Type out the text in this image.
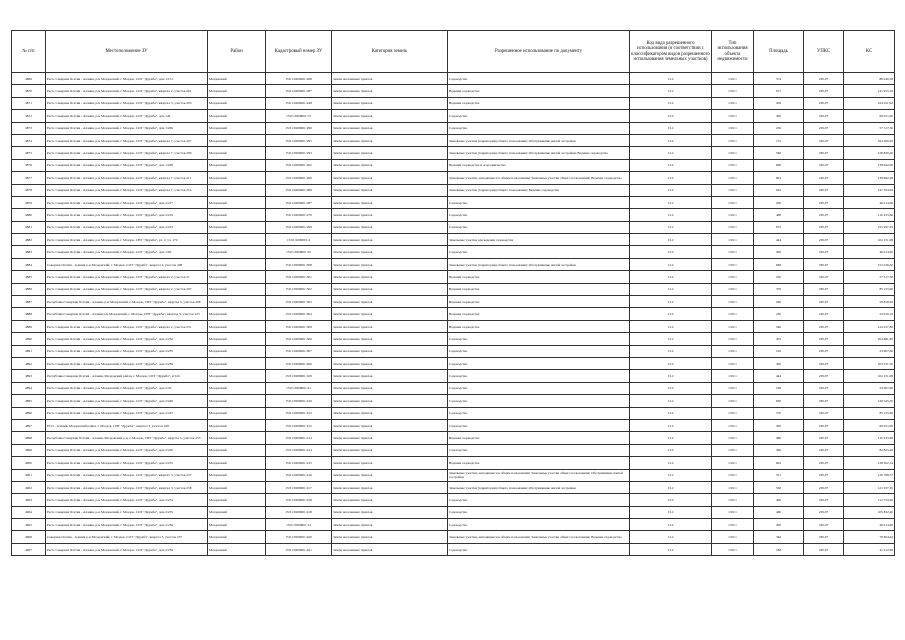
№ п/п	Местоположение ЗУ	Район	Кадастровый номер ЗУ	Категория земель	Разрешенное использование по документу	Код вида разрешенного использования (в соответствии с классификатором видов разрешенного использования земельных участков)	Тип использования объекта недвижимости	Площадь	УПКС	КС
4869	Респ. Северная Осетия - Алания, р-н Моздокский, г. Моздок, СОТ "Дружба", дом 1/151	Моздокский	15:01:0209001:266	Земли населенных пунктов	Садоводство	13.2	13:0:1	374	230,07	86 046,18
4870	Респ. Северная Осетия - Алания, р-н Моздокский, г. Моздок, СОТ "Дружба", квартал 2, участок 261	Моздокский	15:01:0209001:287	Земли населенных пунктов	Ведение садоводства	13.2	13:0:1	617	230,07	141 953,19
4871	Респ. Северная Осетия - Алания, р-н Моздокский, г. Моздок, СОТ "Дружба", квартал 5, участок 205	Моздокский	15:01:0209001:248	Земли населенных пунктов	Ведение садоводства	13.2	13:0:1	456	230,07	104 911,92
4872	Респ. Северная Осетия - Алания, р-н Моздокский, г. Моздок, СОТ "Дружба", дом 142	Моздокский	15:01:0209001:73	Земли населенных пунктов	Садоводство	13.2	13:0:1	300	230,07	69 021,00
4873	Респ. Северная Осетия - Алания, р-н Моздокский, г. Моздок, СОТ "Дружба", дом 1/206	Моздокский	15:01:0209001:296	Земли населенных пунктов	Садоводство	13.2	13:0:1	250	230,07	57 517,50
4874	Респ. Северная Осетия - Алания, р-н Моздокский, г. Моздок, СОТ "Дружба", квартал 7, участок 207	Моздокский	15:01:0209001:295	Земли населенных пунктов	Земельные участки (территории) общего пользования; Обслуживание жилой застройки	13.2	13:0:1	715	230,07	164 500,05
4875	Респ. Северная Осетия - Алания, р-н Моздокский, г. Моздок, СОТ "Дружба", квартал 7, участок 209	Моздокский	15:01:0209001:293	Земли населенных пунктов	Земельные участки (территории) общего пользования; Обслуживание жилой застройки; Ведение садоводства	13.2	13:0:1	560	230,07	128 839,20
4876	Респ. Северная Осетия - Алания, р-н Моздокский, г. Моздок, СОТ "Дружба", дом 1/209	Моздокский	15:01:0209001:292	Земли населенных пунктов	Ведение садоводства и огородничества	13.2	13:0:1	600	230,07	138 042,00
4877	Респ. Северная Осетия - Алания, р-н Моздокский, г. Моздок, СОТ "Дружба", квартал 7, участок 211	Моздокский	15:01:0209001:290	Земли населенных пунктов	Земельные участки, находящиеся в общем пользовании; Земельные участки общего пользования; Ведение садоводства	13.2	13:0:1	604	230,07	138 962,28
4878	Респ. Северная Осетия - Алания, р-н Моздокский, г. Моздок, СОТ "Дружба", квартал 7, участок 214	Моздокский	15:01:0209001:289	Земли населенных пунктов	Земельные участки (территории) общего пользования; Ведение садоводства	13.2	13:0:1	642	230,07	147 704,94
4879	Респ. Северная Осетия - Алания, р-н Моздокский, г. Моздок, СОТ "Дружба", дом 2/217	Моздокский	15:01:0209001:287	Земли населенных пунктов	Садоводство	13.2	13:0:1	200	230,07	46 014,00
4880	Респ. Северная Осетия - Алания, р-н Моздокский, г. Моздок, СОТ "Дружба", дом 2/219	Моздокский	15:01:0209001:270	Земли населенных пунктов	Садоводство	13.2	13:0:1	480	230,07	110 433,60
4881	Респ. Северная Осетия - Алания, р-н Моздокский, г. Моздок, СОТ "Дружба", дом 2/223	Моздокский	15:01:0209001:299	Земли населенных пунктов	Садоводство	13.2	13:0:1	675	230,07	155 297,25
4882	Респ. Северная Осетия - Алания, р-н Моздокский, г. Моздок, СНТ "Дружба", ул. 2, уч. 174	Моздокский	15:01:0209001:4	Земли населенных пунктов	Земельные участки для ведения садоводства	13.2	13:0:1	444	230,07	102 151,08
4883	Респ. Северная Осетия - Алания, р-н Моздокский, г. Моздок, СОТ "Дружба", дом 1/65	Моздокский	15:01:0209001:25	Земли населенных пунктов	Садоводство	13.2	13:0:1	200	230,07	46 014,00
4884	Северная Осетия - Алания р-н Моздокский, г. Моздок, СОТ "Дружба", квартал 2, участок 208	Моздокский	15:01:0209001:308	Земли населенных пунктов	Земельные участки (территории) общего пользования; Обслуживание жилой застройки	13.2	13:0:1	666	230,07	153 226,62
4885	Респ. Северная Осетия - Алания, р-н Моздокский, г. Моздок, СОТ "Дружба", квартал 2, участок 21	Моздокский	15:01:0209001:301	Земли населенных пунктов	Ведение садоводства	13.2	13:0:1	250	230,07	57 517,50
4886	Респ. Северная Осетия - Алания, р-н Моздокский, г. Моздок, СОТ "Дружба", квартал 2, участок 207	Моздокский	15:01:0209001:302	Земли населенных пунктов	Ведение садоводства	13.2	13:0:1	370	230,07	85 125,90
4887	Республика Северная Осетия - Алания, р-н Моздокский, г. Моздок, СНТ "Дружба", квартал 3, участок 208	Моздокский	15:01:0209001:303	Земли населенных пунктов	Ведение садоводства	13.2	13:0:1	260	230,07	59 818,20
4888	Республика Северная Осетия - Алания р-н Моздокский, г. Моздок, СНТ "Дружба", квартал 5, участок 223	Моздокский	15:01:0209001:304	Земли населенных пунктов	Ведение садоводства	13.2	13:0:1	230	230,07	52 916,10
4889	Респ. Северная Осетия - Алания, р-н Моздокский, г. Моздок, СОТ "Дружба", квартал 2, участок 231	Моздокский	15:01:0209001:309	Земли населенных пунктов	Ведение садоводства	13.2	13:0:1	540	230,07	124 237,80
4890	Респ. Северная Осетия - Алания, р-н Моздокский, г. Моздок, СОТ "Дружба", дом 2/232	Моздокский	15:01:0209001:306	Земли населенных пунктов	Садоводство	13.2	13:0:1	455	230,07	104 681,85
4891	Респ. Северная Осетия - Алания, р-н Моздокский, г. Моздок, СОТ "Дружба", дом 2/235	Моздокский	15:01:0209001:307	Земли населенных пунктов	Садоводство	13.2	13:0:1	100	230,07	23 007,00
4892	Респ. Северная Осетия - Алания, р-н Моздокский, г. Моздок, СОТ "Дружба", дом 2/239	Моздокский	15:01:0209001:400	Земли населенных пунктов	Садоводство	13.2	13:0:1	450	230,07	103 531,50
4893	Республика Северная Осетия - Алания, Моздокский район, г. Моздок, СОТ "Дружба", 2/124	Моздокский	15:01:0209001:109	Земли населенных пунктов	Садоводство	13.2	13:0:1	444	230,07	102 151,08
4894	Респ. Северная Осетия - Алания, р-н Моздокский, г. Моздок, СОТ "Дружба", дом 2/45	Моздокский	15:01:0209001:41	Земли населенных пунктов	Садоводство	13.2	13:0:1	100	230,07	23 007,00
4895	Респ. Северная Осетия - Алания, р-н Моздокский, г. Моздок, СОТ "Дружба", дом 2/246	Моздокский	15:01:0209001:410	Земли населенных пунктов	Садоводство	13.2	13:0:1	650	230,07	149 545,50
4896	Респ. Северная Осетия - Алания, р-н Моздокский, г. Моздок, СОТ "Дружба", дом 2/247	Моздокский	15:01:0209001:412	Земли населенных пунктов	Садоводство	13.2	13:0:1	370	230,07	85 125,90
4897	РСО - Алания, Моздокский район, г. Моздок, СНТ "Дружба", квартал 3, участок 249	Моздокский	15:01:0209001:412	Земли населенных пунктов	Садоводство	13.2	13:0:1	300	230,07	69 021,00
4898	Республика Северная Осетия - Алания, Моздокский р-н, г. Моздок, СНТ "Дружба", квартал 5, участок 253	Моздокский	15:01:0209001:413	Земли населенных пунктов	Ведение садоводства	13.2	13:0:1	480	230,07	110 433,60
4899	Респ. Северная Осетия - Алания, р-н Моздокский, г. Моздок, СОТ "Дружба", дом 2/250	Моздокский	15:01:0209001:414	Земли населенных пунктов	Садоводство	13.2	13:0:1	360	230,07	82 825,20
4900	Респ. Северная Осетия - Алания, р-н Моздокский, г. Моздок, СОТ "Дружба", дом 2/253	Моздокский	15:01:0209001:415	Земли населенных пунктов	Ведение садоводства	13.2	13:0:1	602	230,07	138 502,14
4901	Респ. Северная Осетия - Алания, р-н Моздокский, г. Моздок, СОТ "Дружба", квартал 3, участок 257	Моздокский	15:01:0209001:416	Земли населенных пунктов	Земельные участки, находящиеся в общем пользовании; Земельные участки общего пользования; Обслуживание жилой застройки	13.2	13:0:1	551	230,07	126 768,57
4902	Респ. Северная Осетия - Алания, р-н Моздокский, г. Моздок, СОТ "Дружба", квартал 3, участок 258	Моздокский	15:01:0209001:417	Земли населенных пунктов	Земельные участки (территории) общего пользования; Обслуживание жилой застройки	13.2	13:0:1	530	230,07	121 937,10
4903	Респ. Северная Осетия - Алания, р-н Моздокский, г. Моздок, СОТ "Дружба", дом 2/254	Моздокский	15:01:0209001:418	Земли населенных пунктов	Садоводство	13.2	13:0:1	490	230,07	112 734,30
4904	Респ. Северная Осетия - Алания, р-н Моздокский, г. Моздок, СОТ "Дружба", дом 2/255	Моздокский	15:01:0209001:418	Земли населенных пунктов	Садоводство	13.2	13:0:1	460	230,07	105 832,20
4905	Респ. Северная Осетия - Алания, р-н Моздокский, г. Моздок, СОТ "Дружба", дом 2/256	Моздокский	15:01:0209001:12	Земли населенных пунктов	Садоводство	13.2	13:0:1	200	230,07	46 014,00
4906	Северная Осетия - Алания р-н Моздокский, г. Моздок, СОТ "Дружба", квартал 3, участок 257	Моздокский	15:01:0209001:420	Земли населенных пунктов	Земельные участки, находящиеся в общем пользовании; Земельные участки общего пользования; Ведение садоводства	13.2	13:0:1	346	230,07	79 604,22
4907	Респ. Северная Осетия - Алания, р-н Моздокский, г. Моздок, СОТ "Дружба", дом 2/259	Моздокский	15:01:0209001:421	Земли населенных пунктов	Садоводство	13.2	13:0:1	180	230,07	41 412,60
